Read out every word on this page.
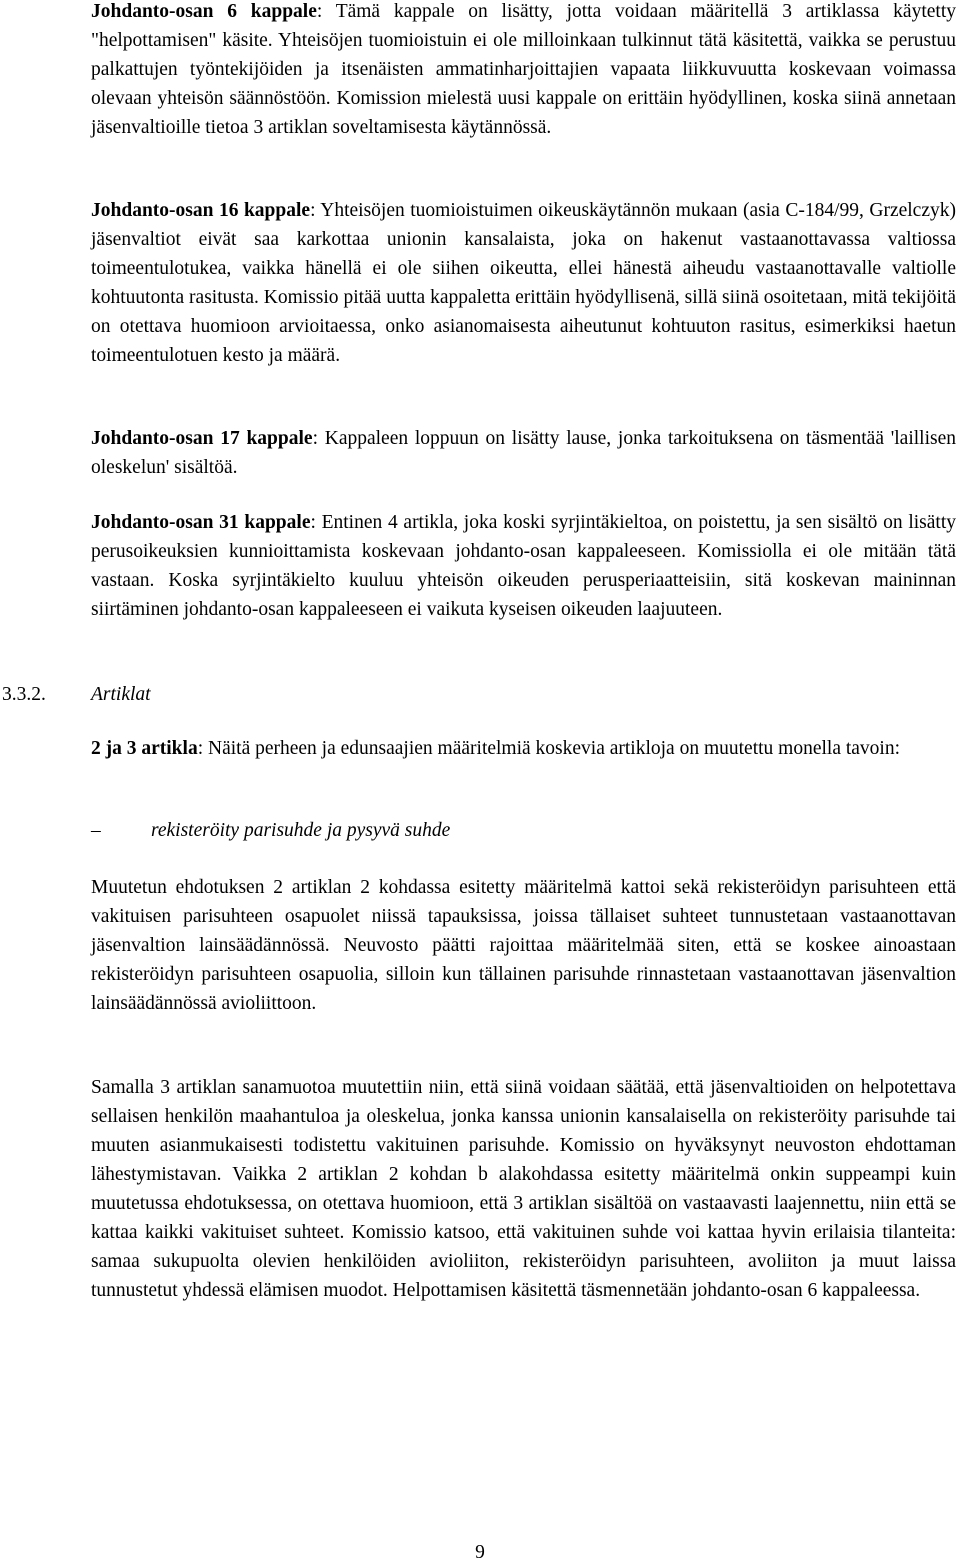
Johdanto-osan 6 kappale: Tämä kappale on lisätty, jotta voidaan määritellä 3 artiklassa käytetty "helpottamisen" käsite. Yhteisöjen tuomioistuin ei ole milloinkaan tulkinnut tätä käsitettä, vaikka se perustuu palkattujen työntekijöiden ja itsenäisten ammatinharjoittajien vapaata liikkuvuutta koskevaan voimassa olevaan yhteisön säännöstöön. Komission mielestä uusi kappale on erittäin hyödyllinen, koska siinä annetaan jäsenvaltioille tietoa 3 artiklan soveltamisesta käytännössä.

Johdanto-osan 16 kappale: Yhteisöjen tuomioistuimen oikeuskäytännön mukaan (asia C-184/99, Grzelczyk) jäsenvaltiot eivät saa karkottaa unionin kansalaista, joka on hakenut vastaanottavassa valtiossa toimeentulotukea, vaikka hänellä ei ole siihen oikeutta, ellei hänestä aiheudu vastaanottavalle valtiolle kohtuutonta rasitusta. Komissio pitää uutta kappaletta erittäin hyödyllisenä, sillä siinä osoitetaan, mitä tekijöitä on otettava huomioon arvioitaessa, onko asianomaisesta aiheutunut kohtuuton rasitus, esimerkiksi haetun toimeentulotuen kesto ja määrä.

Johdanto-osan 17 kappale: Kappaleen loppuun on lisätty lause, jonka tarkoituksena on täsmentää 'laillisen oleskelun' sisältöä.

Johdanto-osan 31 kappale: Entinen 4 artikla, joka koski syrjintäkieltoa, on poistettu, ja sen sisältö on lisätty perusoikeuksien kunnioittamista koskevaan johdanto-osan kappaleeseen. Komissiolla ei ole mitään tätä vastaan. Koska syrjintäkielto kuuluu yhteisön oikeuden perusperiaatteisiin, sitä koskevan maininnan siirtäminen johdanto-osan kappaleeseen ei vaikuta kyseisen oikeuden laajuuteen.

3.3.2. Artiklat

2 ja 3 artikla: Näitä perheen ja edunsaajien määritelmiä koskevia artikloja on muutettu monella tavoin:

–	rekisteröity parisuhde ja pysyvä suhde

Muutetun ehdotuksen 2 artiklan 2 kohdassa esitetty määritelmä kattoi sekä rekisteröidyn parisuhteen että vakituisen parisuhteen osapuolet niissä tapauksissa, joissa tällaiset suhteet tunnustetaan vastaanottavan jäsenvaltion lainsäädännössä. Neuvosto päätti rajoittaa määritelmää siten, että se koskee ainoastaan rekisteröidyn parisuhteen osapuolia, silloin kun tällainen parisuhde rinnastetaan vastaanottavan jäsenvaltion lainsäädännössä avioliittoon.

Samalla 3 artiklan sanamuotoa muutettiin niin, että siinä voidaan säätää, että jäsenvaltioiden on helpotettava sellaisen henkilön maahantuloa ja oleskelua, jonka kanssa unionin kansalaisella on rekisteröity parisuhde tai muuten asianmukaisesti todistettu vakituinen parisuhde. Komissio on hyväksynyt neuvoston ehdottaman lähestymistavan. Vaikka 2 artiklan 2 kohdan b alakohdassa esitetty määritelmä onkin suppeampi kuin muutetussa ehdotuksessa, on otettava huomioon, että 3 artiklan sisältöä on vastaavasti laajennettu, niin että se kattaa kaikki vakituiset suhteet. Komissio katsoo, että vakituinen suhde voi kattaa hyvin erilaisia tilanteita: samaa sukupuolta olevien henkilöiden avioliiton, rekisteröidyn parisuhteen, avoliiton ja muut laissa tunnustetut yhdessä elämisen muodot. Helpottamisen käsitettä täsmennetään johdanto-osan 6 kappaleessa.

9
